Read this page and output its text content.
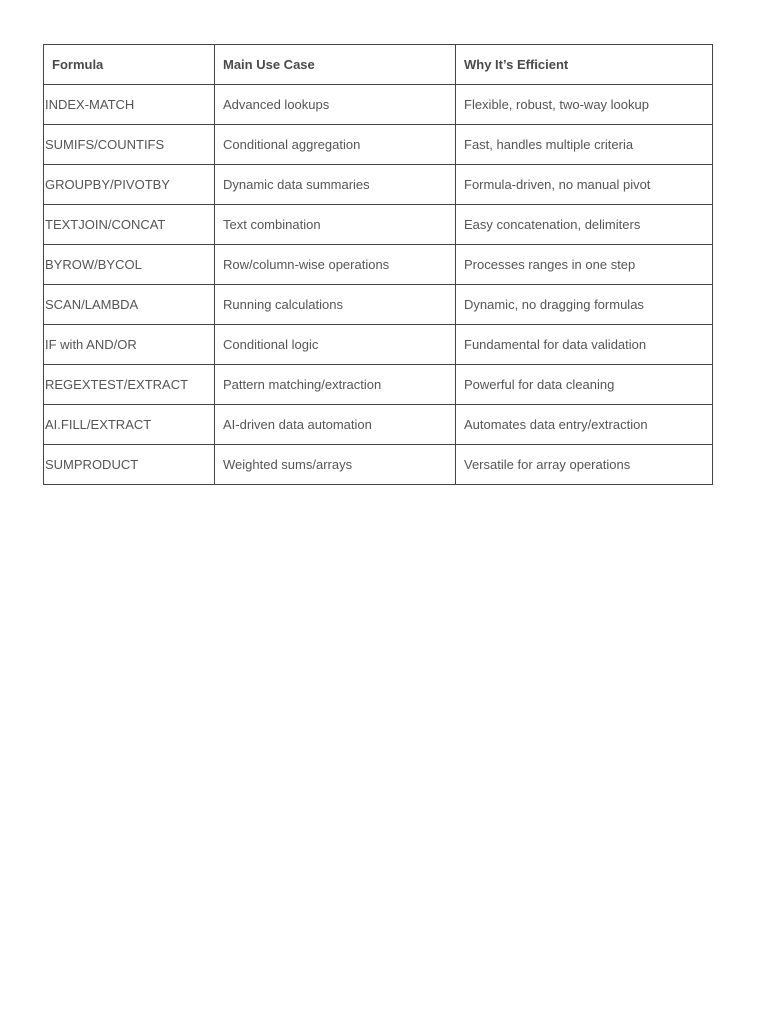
Formula	Main Use Case	Why It’s Efficient
INDEX-MATCH	Advanced lookups	Flexible, robust, two-way lookup
SUMIFS/COUNTIFS	Conditional aggregation	Fast, handles multiple criteria
GROUPBY/PIVOTBY	Dynamic data summaries	Formula-driven, no manual pivot
TEXTJOIN/CONCAT	Text combination	Easy concatenation, delimiters
BYROW/BYCOL	Row/column-wise operations	Processes ranges in one step
SCAN/LAMBDA	Running calculations	Dynamic, no dragging formulas
IF with AND/OR	Conditional logic	Fundamental for data validation
REGEXTEST/EXTRACT	Pattern matching/extraction	Powerful for data cleaning
AI.FILL/EXTRACT	AI-driven data automation	Automates data entry/extraction
SUMPRODUCT	Weighted sums/arrays	Versatile for array operations
